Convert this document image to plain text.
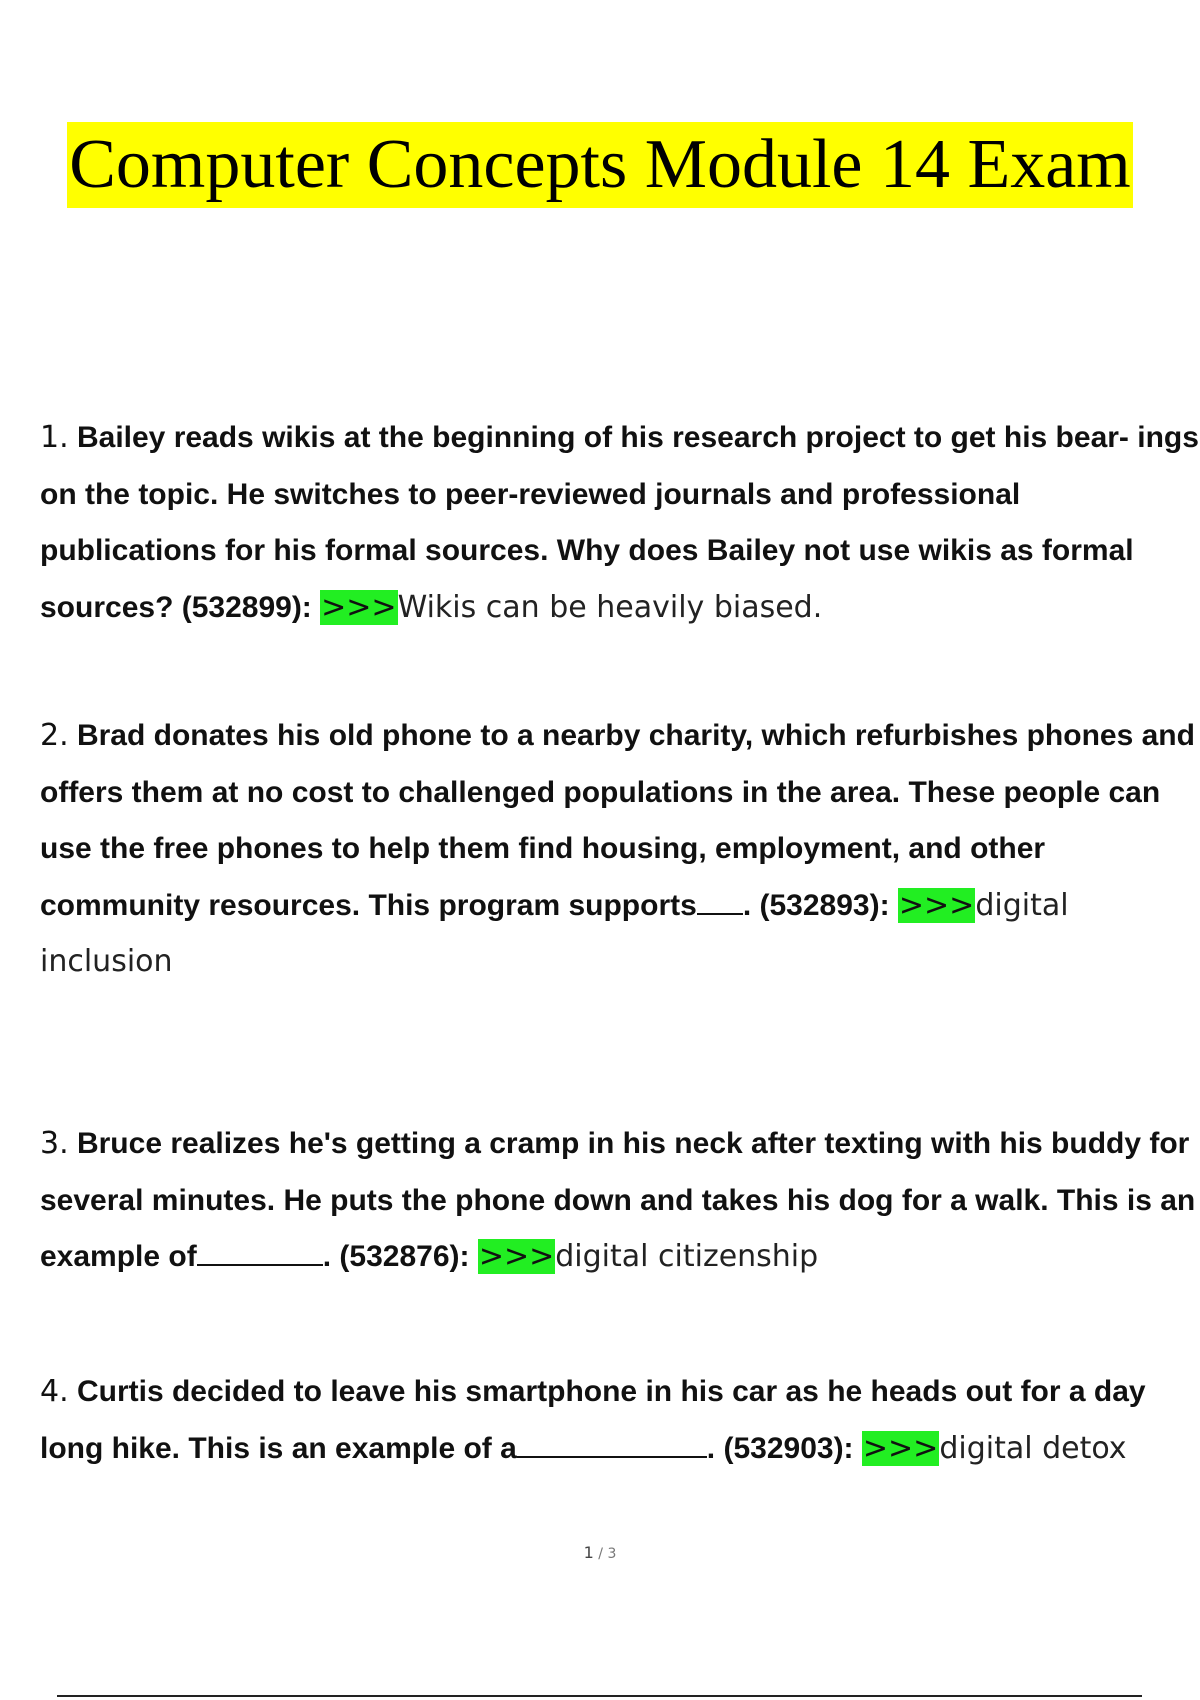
Computer Concepts Module 14 Exam
1. Bailey reads wikis at the beginning of his research project to get his bear- ings on the topic. He switches to peer-reviewed journals and professional publications for his formal sources. Why does Bailey not use wikis as formal sources? (532899): >>>Wikis can be heavily biased.
2. Brad donates his old phone to a nearby charity, which refurbishes phones and offers them at no cost to challenged populations in the area. These people can use the free phones to help them find housing, employment, and other community resources. This program supports . (532893): >>>digital inclusion
3. Bruce realizes he's getting a cramp in his neck after texting with his buddy for several minutes. He puts the phone down and takes his dog for a walk. This is an example of	. (532876): >>>digital citizenship
4. Curtis decided to leave his smartphone in his car as he heads out for a day long hike. This is an example of a	. (532903): >>>digital detox
1 / 3
